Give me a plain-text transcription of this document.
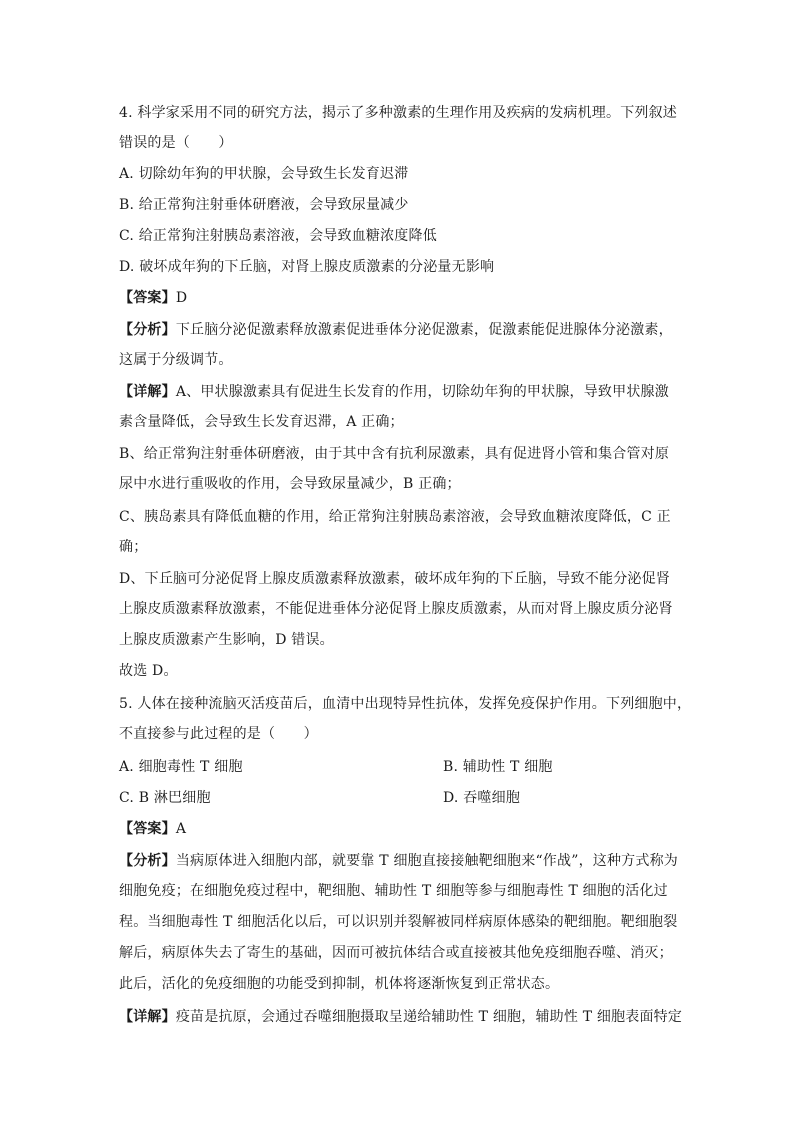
4. 科学家采用不同的研究方法，揭示了多种激素的生理作用及疾病的发病机理。下列叙述
错误的是（　　）
A. 切除幼年狗的甲状腺，会导致生长发育迟滞
B. 给正常狗注射垂体研磨液，会导致尿量减少
C. 给正常狗注射胰岛素溶液，会导致血糖浓度降低
D. 破坏成年狗的下丘脑，对肾上腺皮质激素的分泌量无影响
【答案】D
【分析】下丘脑分泌促激素释放激素促进垂体分泌促激素，促激素能促进腺体分泌激素，
这属于分级调节。
【详解】A、甲状腺激素具有促进生长发育的作用，切除幼年狗的甲状腺，导致甲状腺激
素含量降低，会导致生长发育迟滞，A 正确；
B、给正常狗注射垂体研磨液，由于其中含有抗利尿激素，具有促进肾小管和集合管对原
尿中水进行重吸收的作用，会导致尿量减少，B 正确；
C、胰岛素具有降低血糖的作用，给正常狗注射胰岛素溶液，会导致血糖浓度降低，C 正
确；
D、下丘脑可分泌促肾上腺皮质激素释放激素，破坏成年狗的下丘脑，导致不能分泌促肾
上腺皮质激素释放激素，不能促进垂体分泌促肾上腺皮质激素，从而对肾上腺皮质分泌肾
上腺皮质激素产生影响，D 错误。
故选 D。
5. 人体在接种流脑灭活疫苗后，血清中出现特异性抗体，发挥免疫保护作用。下列细胞中，
不直接参与此过程的是（　　）
A. 细胞毒性 T 细胞	B. 辅助性 T 细胞
C. B 淋巴细胞	D. 吞噬细胞
【答案】A
【分析】当病原体进入细胞内部，就要靠 T 细胞直接接触靶细胞来“作战”，这种方式称为
细胞免疫；在细胞免疫过程中，靶细胞、辅助性 T 细胞等参与细胞毒性 T 细胞的活化过
程。当细胞毒性 T 细胞活化以后，可以识别并裂解被同样病原体感染的靶细胞。靶细胞裂
解后，病原体失去了寄生的基础，因而可被抗体结合或直接被其他免疫细胞吞噬、消灭；
此后，活化的免疫细胞的功能受到抑制，机体将逐渐恢复到正常状态。
【详解】疫苗是抗原，会通过吞噬细胞摄取呈递给辅助性 T 细胞，辅助性 T 细胞表面特定
